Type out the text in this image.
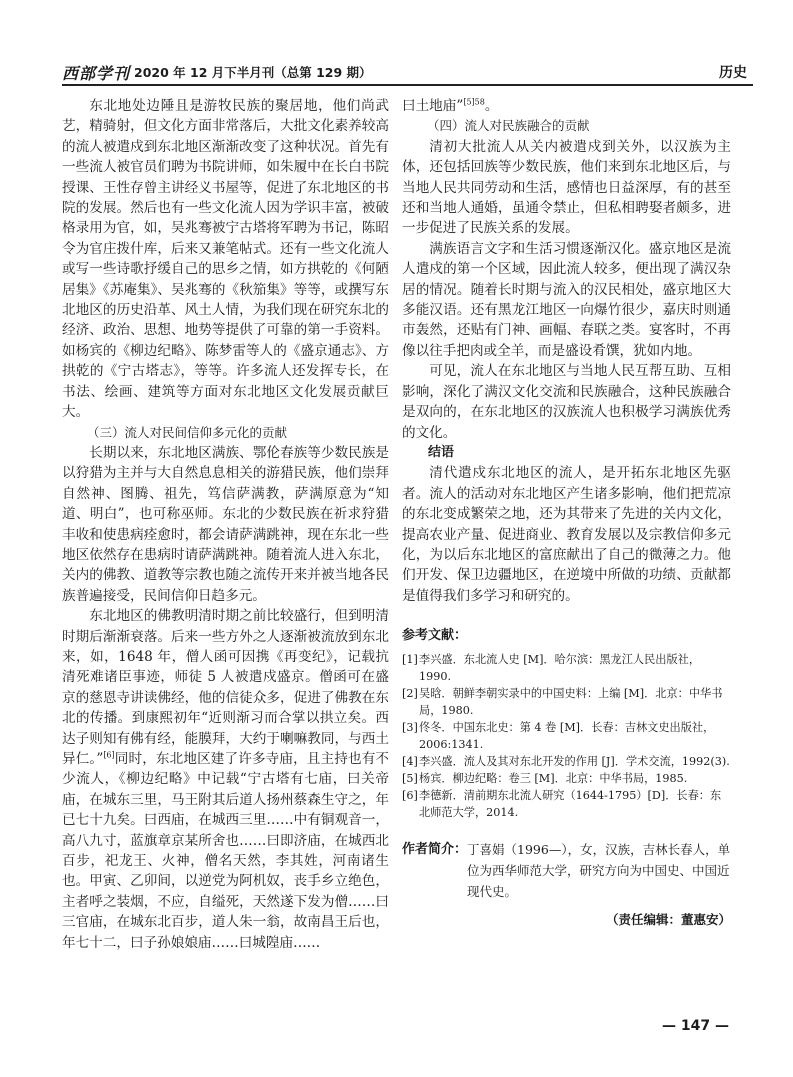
西部学刊 2020 年 12 月下半月刊（总第 129 期）	历史

东北地处边陲且是游牧民族的聚居地，他们尚武艺，精骑射，但文化方面非常落后，大批文化素养较高的流人被遣戍到东北地区渐渐改变了这种状况。首先有一些流人被官员们聘为书院讲师，如朱履中在长白书院授课、王性存曾主讲经义书屋等，促进了东北地区的书院的发展。然后也有一些文化流人因为学识丰富，被破格录用为官，如，吴兆骞被宁古塔将军聘为书记，陈昭令为官庄拨什库，后来又兼笔帖式。还有一些文化流人或写一些诗歌抒缓自己的思乡之情，如方拱乾的《何陋居集》《苏庵集》、吴兆骞的《秋笳集》等等，或撰写东北地区的历史沿革、风土人情，为我们现在研究东北的经济、政治、思想、地势等提供了可靠的第一手资料。如杨宾的《柳边纪略》、陈梦雷等人的《盛京通志》、方拱乾的《宁古塔志》，等等。许多流人还发挥专长，在书法、绘画、建筑等方面对东北地区文化发展贡献巨大。

（三）流人对民间信仰多元化的贡献

长期以来，东北地区满族、鄂伦春族等少数民族是以狩猎为主并与大自然息息相关的游猎民族，他们崇拜自然神、图腾、祖先，笃信萨满教，萨满原意为“知道、明白”，也可称巫师。东北的少数民族在祈求狩猎丰收和使患病痊愈时，都会请萨满跳神，现在东北一些地区依然存在患病时请萨满跳神。随着流人进入东北，关内的佛教、道教等宗教也随之流传开来并被当地各民族普遍接受，民间信仰日趋多元。

东北地区的佛教明清时期之前比较盛行，但到明清时期后渐渐衰落。后来一些方外之人逐渐被流放到东北来，如，1648 年，僧人函可因携《再变纪》，记载抗清死难诸臣事迹，师徒 5 人被遣戍盛京。僧函可在盛京的慈恩寺讲读佛经，他的信徒众多，促进了佛教在东北的传播。到康熙初年“近则渐习而合掌以拱立矣。西达子则知有佛有经，能膜拜，大约于喇嘛教同，与西土异仁。”[6]同时，东北地区建了许多寺庙，且主持也有不少流人，《柳边纪略》中记载“宁古塔有七庙，曰关帝庙，在城东三里，马王附其后道人扬州蔡森生守之，年已七十九矣。曰西庙，在城西三里……中有铜观音一，高八九寸，蓝旗章京某所舍也……曰即济庙，在城西北百步，祀龙王、火神，僧名天然，李其姓，河南诸生也。甲寅、乙卯间，以逆党为阿机奴，丧手乡立绝色，主者呼之装烟，不应，自缢死，天然遂下发为僧……曰三官庙，在城东北百步，道人朱一翁，故南昌王后也，年七十二，曰子孙娘娘庙……曰城隍庙……

曰土地庙”$^{[5]58}$。

（四）流人对民族融合的贡献

清初大批流人从关内被遣戍到关外，以汉族为主体，还包括回族等少数民族，他们来到东北地区后，与当地人民共同劳动和生活，感情也日益深厚，有的甚至还和当地人通婚，虽通令禁止，但私相聘娶者颇多，进一步促进了民族关系的发展。

满族语言文字和生活习惯逐渐汉化。盛京地区是流人遣戍的第一个区域，因此流人较多，便出现了满汉杂居的情况。随着长时期与流入的汉民相处，盛京地区大多能汉语。还有黑龙江地区一向爆竹很少，嘉庆时则通市轰然，还贴有门神、画幅、春联之类。宴客时，不再像以往手把肉或全羊，而是盛设肴馔，犹如内地。

可见，流人在东北地区与当地人民互帮互助、互相影响，深化了满汉文化交流和民族融合，这种民族融合是双向的，在东北地区的汉族流人也积极学习满族优秀的文化。

结语

清代遣戍东北地区的流人，是开拓东北地区先驱者。流人的活动对东北地区产生诸多影响，他们把荒凉的东北变成繁荣之地，还为其带来了先进的关内文化，提高农业产量、促进商业、教育发展以及宗教信仰多元化，为以后东北地区的富庶献出了自己的微薄之力。他们开发、保卫边疆地区，在逆境中所做的功绩、贡献都是值得我们多学习和研究的。

参考文献：
[1] 李兴盛．东北流人史 [M]．哈尔滨：黑龙江人民出版社，1990.
[2] 吴晗．朝鲜李朝实录中的中国史料：上编 [M]．北京：中华书局，1980.
[3] 佟冬．中国东北史：第 4 卷 [M]．长春：吉林文史出版社，2006:1341.
[4] 李兴盛．流人及其对东北开发的作用 [J]．学术交流，1992(3).
[5] 杨宾．柳边纪略：卷三 [M]．北京：中华书局，1985.
[6] 李德新．清前期东北流人研究（1644-1795）[D]．长春：东北师范大学，2014.
作者简介： 丁喜娟（1996—），女，汉族，吉林长春人，单位为西华师范大学，研究方向为中国史、中国近现代史。
（责任编辑：董惠安）
— 147 —
